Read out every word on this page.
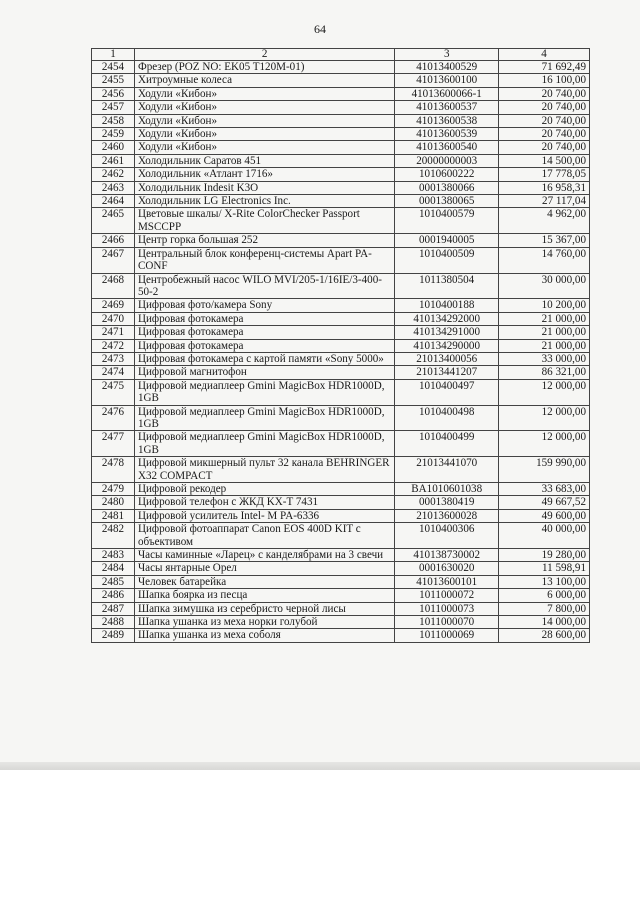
64
1	2	3	4
2454	Фрезер (POZ NO: EK05 T120M-01)	41013400529	71 692,49
2455	Хитроумные колеса	41013600100	16 100,00
2456	Ходули «Кибон»	41013600066-1	20 740,00
2457	Ходули «Кибон»	41013600537	20 740,00
2458	Ходули «Кибон»	41013600538	20 740,00
2459	Ходули «Кибон»	41013600539	20 740,00
2460	Ходули «Кибон»	41013600540	20 740,00
2461	Холодильник Саратов 451	20000000003	14 500,00
2462	Холодильник «Атлант 1716»	1010600222	17 778,05
2463	Холодильник Indesit K3O	0001380066	16 958,31
2464	Холодильник LG Electronics Inc.	0001380065	27 117,04
2465	Цветовые шкалы/ X-Rite ColorChecker Passport MSCCPP	1010400579	4 962,00
2466	Центр горка большая 252	0001940005	15 367,00
2467	Центральный блок конференц-системы Apart PA-CONF	1010400509	14 760,00
2468	Центробежный насос WILO MVI/205-1/16IE/3-400-50-2	1011380504	30 000,00
2469	Цифровая фото/камера Sony	1010400188	10 200,00
2470	Цифровая фотокамера	410134292000	21 000,00
2471	Цифровая фотокамера	410134291000	21 000,00
2472	Цифровая фотокамера	410134290000	21 000,00
2473	Цифровая фотокамера с картой памяти «Sony 5000»	21013400056	33 000,00
2474	Цифровой магнитофон	21013441207	86 321,00
2475	Цифровой медиаплеер Gmini MagicBox HDR1000D, 1GB	1010400497	12 000,00
2476	Цифровой медиаплеер Gmini MagicBox HDR1000D, 1GB	1010400498	12 000,00
2477	Цифровой медиаплеер Gmini MagicBox HDR1000D, 1GB	1010400499	12 000,00
2478	Цифровой микшерный пульт 32 канала BEHRINGER X32 COMPACT	21013441070	159 990,00
2479	Цифровой рекодер	BA1010601038	33 683,00
2480	Цифровой телефон с ЖКД KX-T 7431	0001380419	49 667,52
2481	Цифровой усилитель Intel- M PA-6336	21013600028	49 600,00
2482	Цифровой фотоаппарат Canon EOS 400D KIT с объективом	1010400306	40 000,00
2483	Часы каминные «Ларец» с канделябрами на 3 свечи	410138730002	19 280,00
2484	Часы янтарные Орел	0001630020	11 598,91
2485	Человек батарейка	41013600101	13 100,00
2486	Шапка боярка из песца	1011000072	6 000,00
2487	Шапка зимушка из серебристо черной лисы	1011000073	7 800,00
2488	Шапка ушанка из меха норки голубой	1011000070	14 000,00
2489	Шапка ушанка из меха соболя	1011000069	28 600,00
